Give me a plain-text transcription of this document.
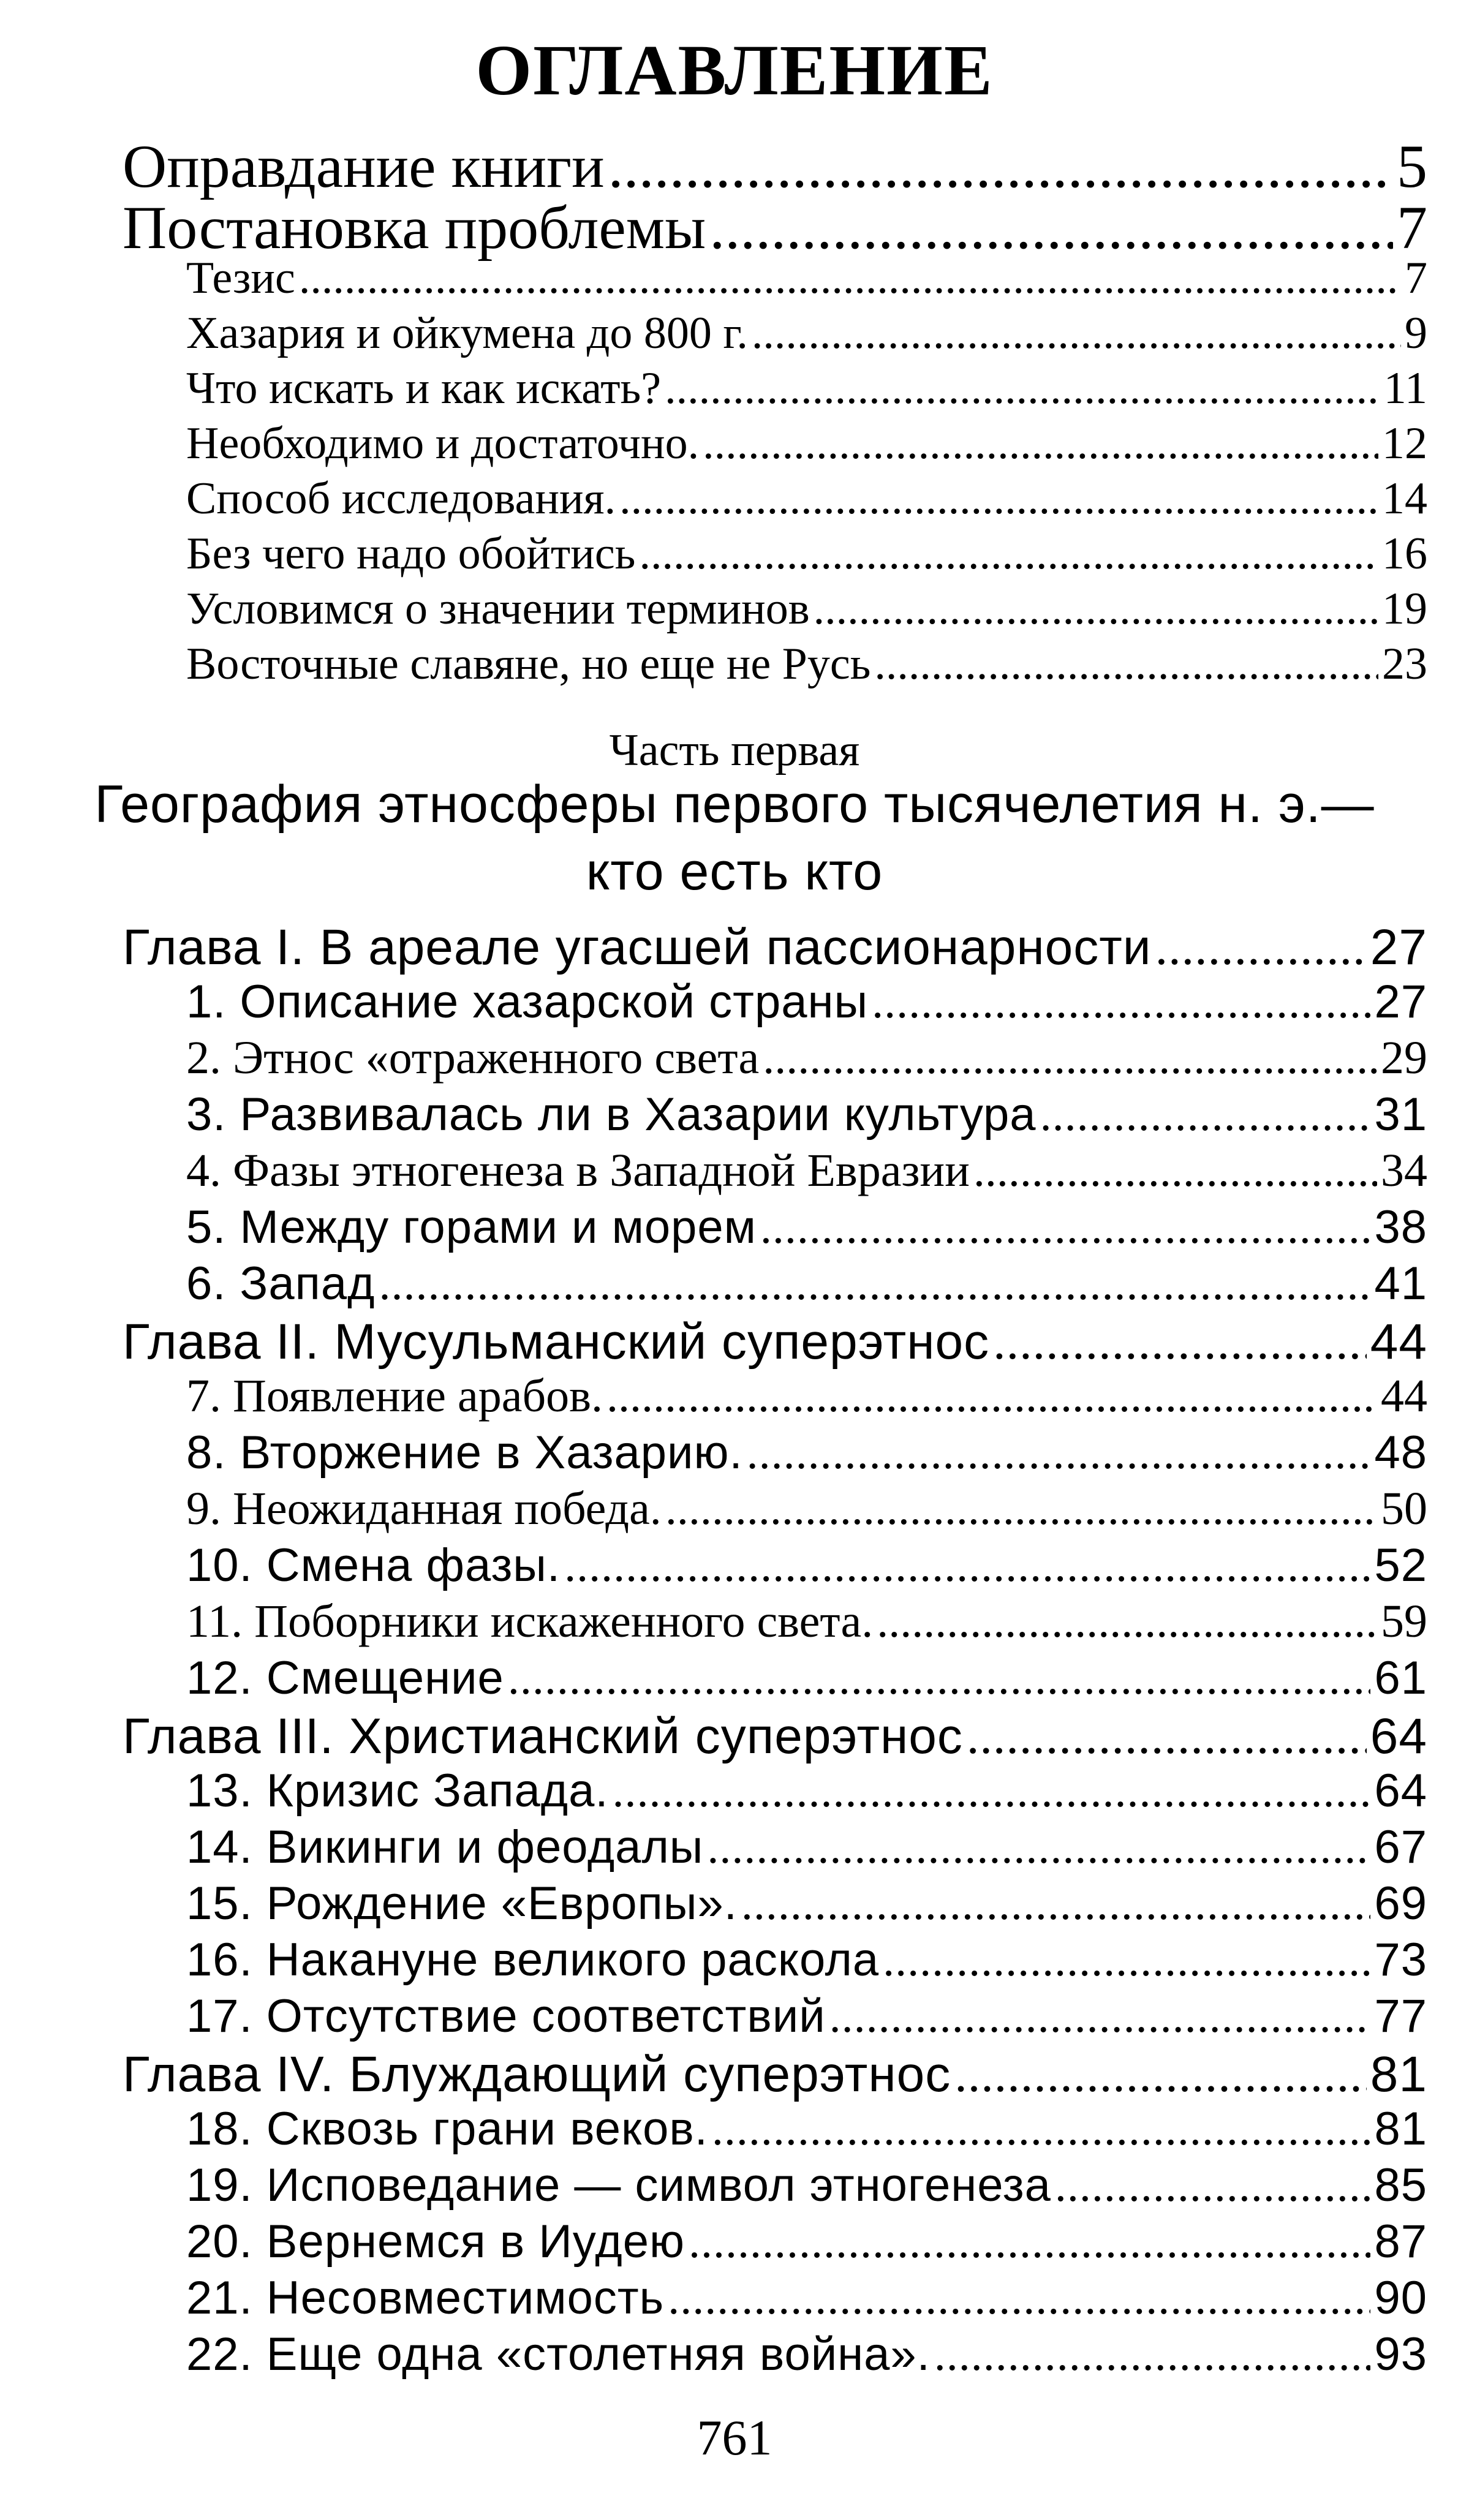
ОГЛАВЛЕНИЕ
Оправдание книги .....	5
Постановка проблемы .....	7
Тезис .....	7
Хазария и ойкумена до 800 г. .....	9
Что искать и как искать? .....	11
Необходимо и достаточно. .....	12
Способ исследования. .....	14
Без чего надо обойтись .....	16
Условимся о значении терминов .....	19
Восточные славяне, но еще не Русь .....	23
Часть первая
География этносферы первого тысячелетия н. э.—
кто есть кто
Глава I. В ареале угасшей пассионарности .....	27
1. Описание хазарской страны .....	27
2. Этнос «отраженного света .....	29
3. Развивалась ли в Хазарии культура .....	31
4. Фазы этногенеза в Западной Евразии .....	34
5. Между горами и морем .....	38
6. Запад .....	41
Глава II. Мусульманский суперэтнос .....	44
7. Появление арабов. .....	44
8. Вторжение в Хазарию. .....	48
9. Неожиданная победа. .....	50
10. Смена фазы. .....	52
11. Поборники искаженного света. .....	59
12. Смещение .....	61
Глава III. Христианский суперэтнос .....	64
13. Кризис Запада. .....	64
14. Викинги и феодалы .....	67
15. Рождение «Европы». .....	69
16. Накануне великого раскола .....	73
17. Отсутствие соответствий .....	77
Глава IV. Блуждающий суперэтнос .....	81
18. Сквозь грани веков. .....	81
19. Исповедание — символ этногенеза .....	85
20. Вернемся в Иудею .....	87
21. Несовместимость .....	90
22. Еще одна «столетняя война». .....	93
761
